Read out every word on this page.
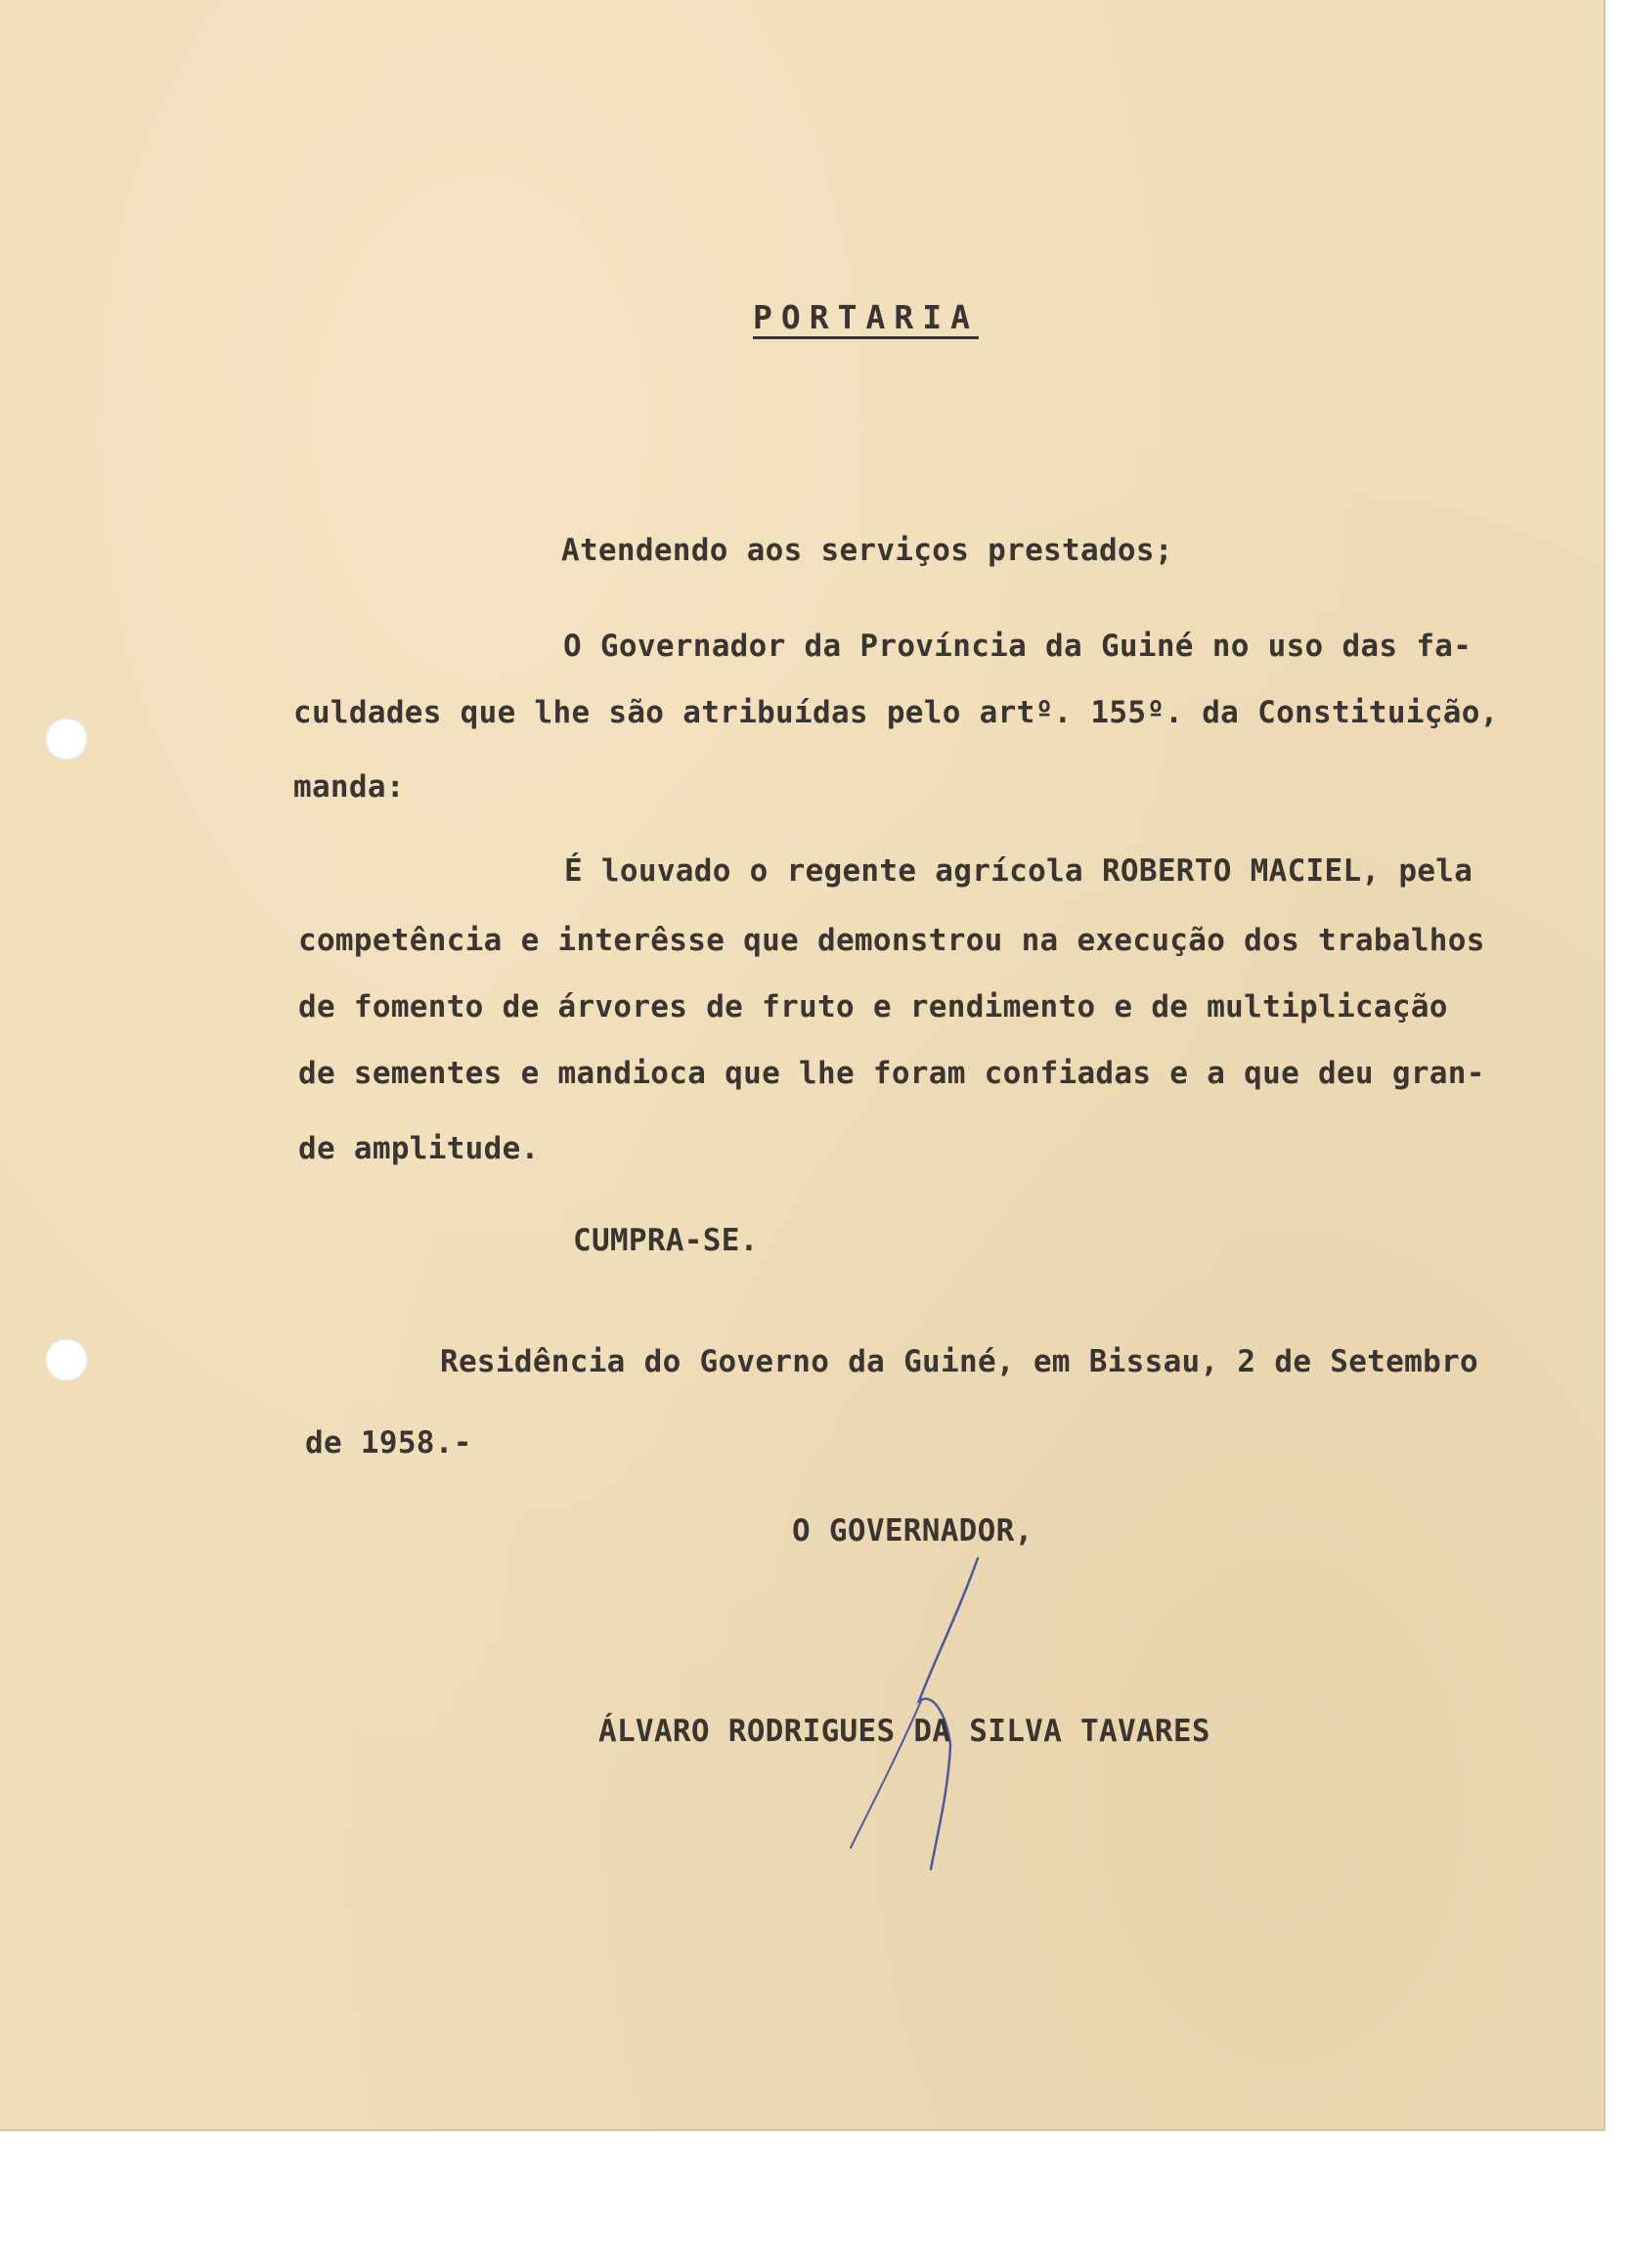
PORTARIA

Atendendo aos serviços prestados;

O Governador da Província da Guiné no uso das fa-

culdades que lhe são atribuídas pelo artº. 155º. da Constituição,

manda:

É louvado o regente agrícola ROBERTO MACIEL, pela

competência e interêsse que demonstrou na execução dos trabalhos

de fomento de árvores de fruto e rendimento e de multiplicação

de sementes e mandioca que lhe foram confiadas e a que deu gran-

de amplitude.

CUMPRA-SE.

Residência do Governo da Guiné, em Bissau, 2 de Setembro

de 1958.-

O GOVERNADOR,

ÁLVARO RODRIGUES DA SILVA TAVARES
